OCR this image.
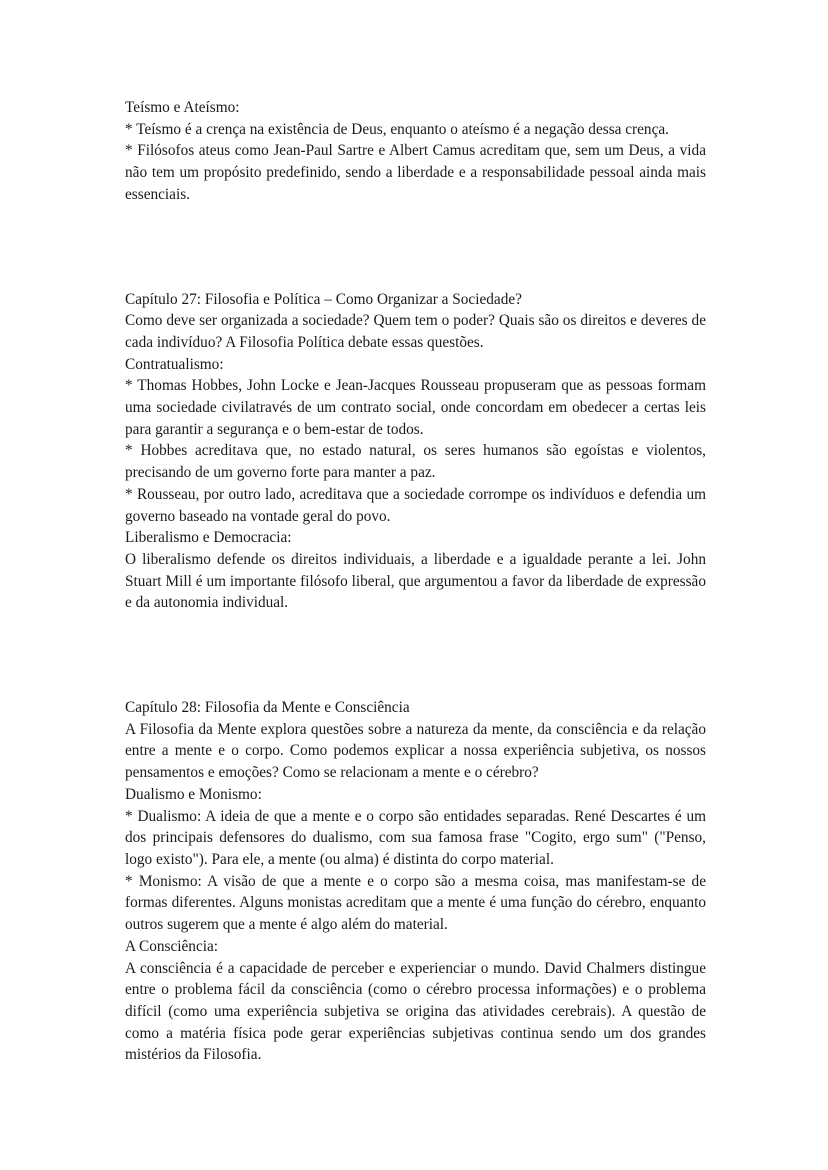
Teísmo e Ateísmo:

* Teísmo é a crença na existência de Deus, enquanto o ateísmo é a negação dessa crença.

* Filósofos ateus como Jean-Paul Sartre e Albert Camus acreditam que, sem um Deus, a vida não tem um propósito predefinido, sendo a liberdade e a responsabilidade pessoal ainda mais essenciais.

Capítulo 27: Filosofia e Política – Como Organizar a Sociedade?

Como deve ser organizada a sociedade? Quem tem o poder? Quais são os direitos e deveres de cada indivíduo? A Filosofia Política debate essas questões.

Contratualismo:

* Thomas Hobbes, John Locke e Jean-Jacques Rousseau propuseram que as pessoas formam uma sociedade civilatravés de um contrato social, onde concordam em obedecer a certas leis para garantir a segurança e o bem-estar de todos.

* Hobbes acreditava que, no estado natural, os seres humanos são egoístas e violentos, precisando de um governo forte para manter a paz.

* Rousseau, por outro lado, acreditava que a sociedade corrompe os indivíduos e defendia um governo baseado na vontade geral do povo.

Liberalismo e Democracia:

O liberalismo defende os direitos individuais, a liberdade e a igualdade perante a lei. John Stuart Mill é um importante filósofo liberal, que argumentou a favor da liberdade de expressão e da autonomia individual.

Capítulo 28: Filosofia da Mente e Consciência

A Filosofia da Mente explora questões sobre a natureza da mente, da consciência e da relação entre a mente e o corpo. Como podemos explicar a nossa experiência subjetiva, os nossos pensamentos e emoções? Como se relacionam a mente e o cérebro?

Dualismo e Monismo:

* Dualismo: A ideia de que a mente e o corpo são entidades separadas. René Descartes é um dos principais defensores do dualismo, com sua famosa frase "Cogito, ergo sum" ("Penso, logo existo"). Para ele, a mente (ou alma) é distinta do corpo material.

* Monismo: A visão de que a mente e o corpo são a mesma coisa, mas manifestam-se de formas diferentes. Alguns monistas acreditam que a mente é uma função do cérebro, enquanto outros sugerem que a mente é algo além do material.

A Consciência:

A consciência é a capacidade de perceber e experienciar o mundo. David Chalmers distingue entre o problema fácil da consciência (como o cérebro processa informações) e o problema difícil (como uma experiência subjetiva se origina das atividades cerebrais). A questão de como a matéria física pode gerar experiências subjetivas continua sendo um dos grandes mistérios da Filosofia.
